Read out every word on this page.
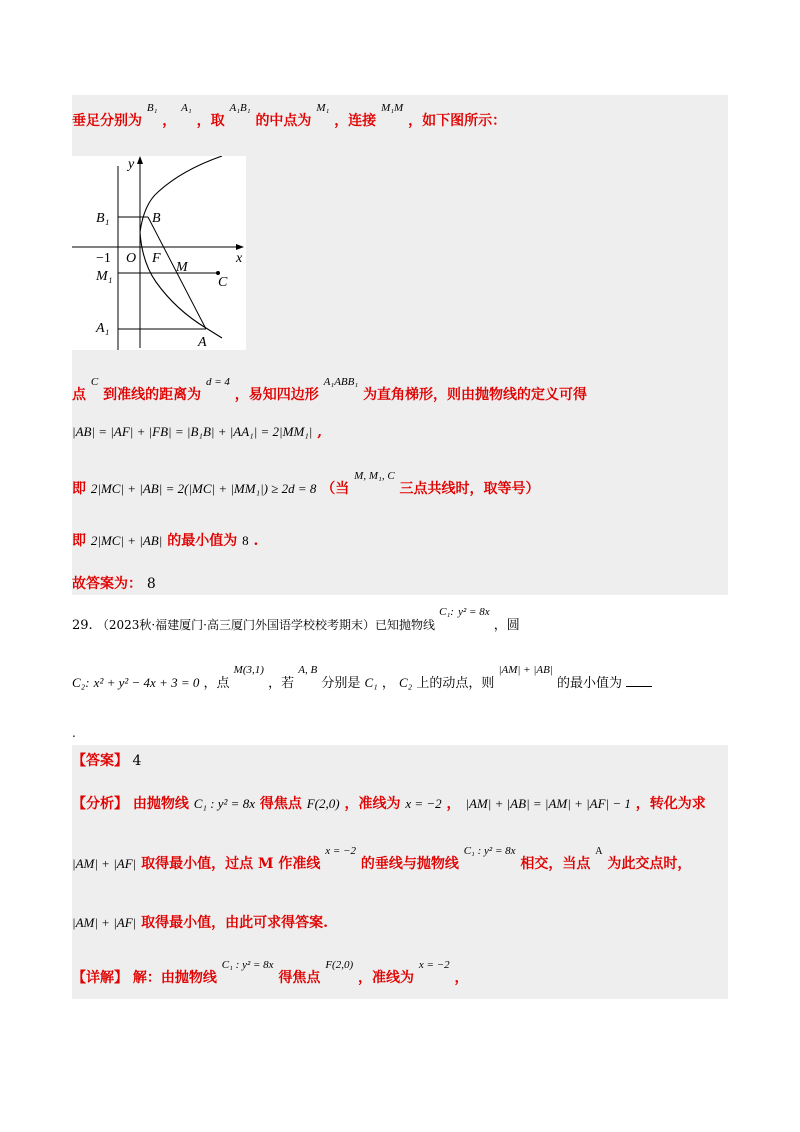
垂足分别为 $^{B_1}$ ， $^{A_1}$ ，取 $^{A_1B_1}$ 的中点为 $^{M_1}$ ，连接 $^{M_1M}$ ，如下图所示：
y
x
B₁	B
O F
−1
M
M₁	C
A₁
A
点 $^C$ 到准线的距离为 $^{d = 4}$ ，易知四边形 $^{A_1ABB_1}$ 为直角梯形，则由抛物线的定义可得
|AB| = |AF| + |FB| = |B₁B| + |AA₁| = 2|MM₁| ,
即 2|MC| + |AB| = 2(|MC| + |MM₁|) ≥ 2d = 8 （当 $^{M, M_1, C}$ 三点共线时，取等号）
即 2|MC| + |AB| 的最小值为 8 .
故答案为： 8
29. （2023秋·福建厦门·高三厦门外国语学校校考期末）已知抛物线 $^{C_1:}$ $^{y^2 = 8x}$ ，圆
C₂: x² + y² − 4x + 3 = 0 ，点 $^{M(3,1)}$ ，若 $^{A, B}$ 分别是 C₁ ， C₂ 上的动点，则 $^{|AM| + |AB|}$ 的最小值为
.
【答案】 4
【分析】 由抛物线 C₁ : y² = 8x 得焦点 F(2,0) ，准线为 x = −2 ， |AM| + |AB| = |AM| + |AF| − 1 ，转化为求
|AM| + |AF| 取得最小值，过点 M 作准线 $^{x = -2}$ 的垂线与抛物线 $^{C_1 : y^2 = 8x}$ 相交，当点 $^A$ 为此交点时，
|AM| + |AF| 取得最小值，由此可求得答案.
【详解】 解：由抛物线 $^{C_1 : y^2 = 8x}$ 得焦点 $^{F(2,0)}$ ，准线为 $^{x = -2}$ ，
